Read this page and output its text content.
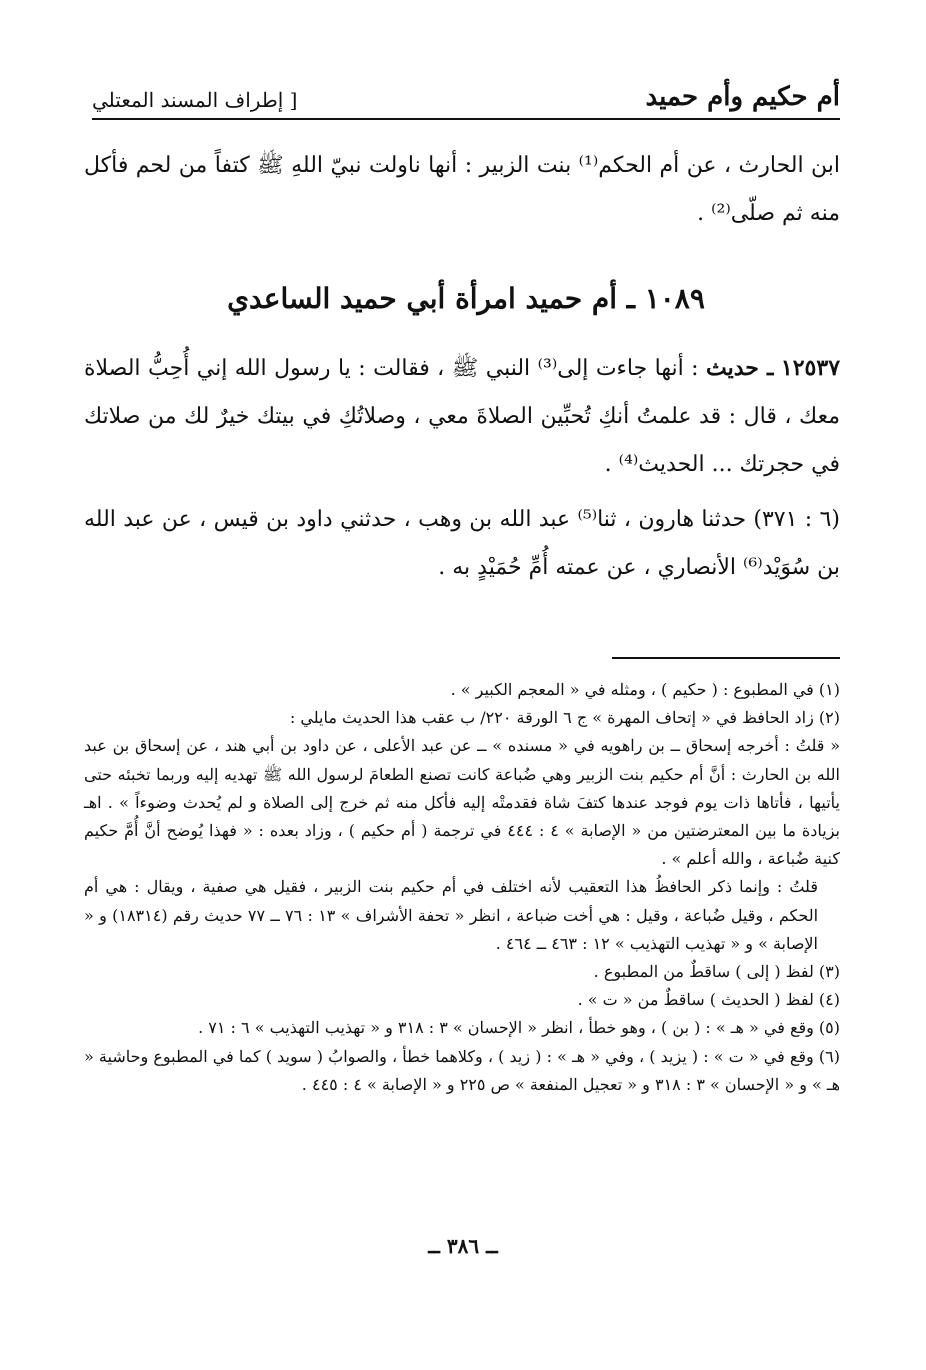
أم حكيم وأم حميد
[ إطراف المسند المعتلي
ابن الحارث ، عن أم الحكم⁽¹⁾ بنت الزبير : أنها ناولت نبيّ اللهِ ﷺ كتفاً من لحم فأكل منه ثم صلّى⁽²⁾ .
١٠٨٩ ـ أم حميد امرأة أبي حميد الساعدي
١٢٥٣٧ ـ حديث : أنها جاءت إلى⁽³⁾ النبي ﷺ ، فقالت : يا رسول الله إني أُحِبُّ الصلاة معك ، قال : قد علمتُ أنكِ تُحبِّين الصلاةَ معي ، وصلاتُكِ في بيتك خيرٌ لك من صلاتك في حجرتك ... الحديث⁽⁴⁾ .
(٦ : ٣٧١) حدثنا هارون ، ثنا⁽⁵⁾ عبد الله بن وهب ، حدثني داود بن قيس ، عن عبد الله بن سُوَيْد⁽⁶⁾ الأنصاري ، عن عمته أُمِّ حُمَيْدٍ به .
(١) في المطبوع : ( حكيم ) ، ومثله في « المعجم الكبير » .
(٢) زاد الحافظ في « إتحاف المهرة » ج ٦ الورقة ٢٢٠/ ب عقب هذا الحديث مايلي :
« قلتُ : أخرجه إسحاق ــ بن راهويه في « مسنده » ــ عن عبد الأعلى ، عن داود بن أبي هند ، عن إسحاق بن عبد الله بن الحارث : أنَّ أم حكيم بنت الزبير وهي ضُباعة كانت تصنع الطعامَ لرسول الله ﷺ تهديه إليه وربما تخبئه حتى يأتيها ، فأتاها ذات يوم فوجد عندها كتفَ شاة فقدمتْه إليه فأكل منه ثم خرج إلى الصلاة و لم يُحدث وضوءاً » . اهـ بزيادة ما بين المعترضتين من « الإصابة » ٤ : ٤٤٤ في ترجمة ( أم حكيم ) ، وزاد بعده : « فهذا يُوضح أنَّ أُمَّ حكيم كنية ضُباعة ، والله أعلم » .
قلتُ : وإنما ذكر الحافظُ هذا التعقيب لأنه اختلف في أم حكيم بنت الزبير ، فقيل هي صفية ، ويقال : هي أم الحكم ، وقيل ضُباعة ، وقيل : هي أخت ضباعة ، انظر « تحفة الأشراف » ١٣ : ٧٦ ــ ٧٧ حديث رقم (١٨٣١٤) و « الإصابة » و « تهذيب التهذيب » ١٢ : ٤٦٣ ــ ٤٦٤ .
(٣) لفظ ( إلى ) ساقطٌ من المطبوع .
(٤) لفظ ( الحديث ) ساقطٌ من « ت » .
(٥) وقع في « هـ » : ( بن ) ، وهو خطأ ، انظر « الإحسان » ٣ : ٣١٨ و « تهذيب التهذيب » ٦ : ٧١ .
(٦) وقع في « ت » : ( يزيد ) ، وفي « هـ » : ( زيد ) ، وكلاهما خطأ ، والصوابُ ( سويد ) كما في المطبوع وحاشية « هـ » و « الإحسان » ٣ : ٣١٨ و « تعجيل المنفعة » ص ٢٢٥ و « الإصابة » ٤ : ٤٤٥ .
ــ ٣٨٦ ــ
